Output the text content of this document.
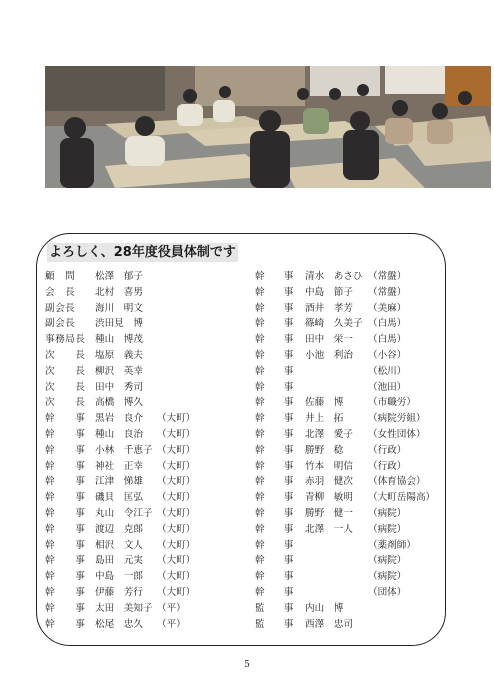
よろしく、28年度役員体制です
顧　問	松澤　郁子
会　長	北村　喜男
副会長	海川　明文
副会長	渋田見　博
事務局長	種山　博茂
次　　長	塩原　義夫
次　　長	柳沢　英幸
次　　長	田中　秀司
次　　長	高橋　博久
幹　　事	黒岩　良介 （大町）
幹　　事	種山　良治 （大町）
幹　　事	小林　千恵子 （大町）
幹　　事	神社　正幸 （大町）
幹　　事	江津　悌雄 （大町）
幹　　事	磯貝　匡弘 （大町）
幹　　事	丸山　令江子 （大町）
幹　　事	渡辺　克郎 （大町）
幹　　事	相沢　文人 （大町）
幹　　事	島田　元実 （大町）
幹　　事	中島　一郎 （大町）
幹　　事	伊藤　芳行 （大町）
幹　　事	太田　美知子 （平）
幹　　事	松尾　忠久 （平）
幹　　事	清水　あさひ （常盤）
幹　　事	中島　節子 （常盤）
幹　　事	酒井　孝芳 （美麻）
幹　　事	篠崎　久美子 （白馬）
幹　　事	田中　栄一 （白馬）
幹　　事	小池　利治 （小谷）
幹　　事	（松川）
幹　　事	（池田）
幹　　事	佐藤　博	（市職労）
幹　　事	井上　拓	（病院労組）
幹　　事	北澤　愛子 （女性団体）
幹　　事	勝野　稔	（行政）
幹　　事	竹本　明信 （行政）
幹　　事	赤羽　健次 （体育協会）
幹　　事	青柳　敏明 （大町岳陽高）
幹　　事	勝野　健一 （病院）
幹　　事	北澤　一人 （病院）
幹　　事	（薬剤師）
幹　　事	（病院）
幹　　事	（病院）
幹　　事	（団体）
監　　事	内山　博
監　　事	西澤　忠司
5
